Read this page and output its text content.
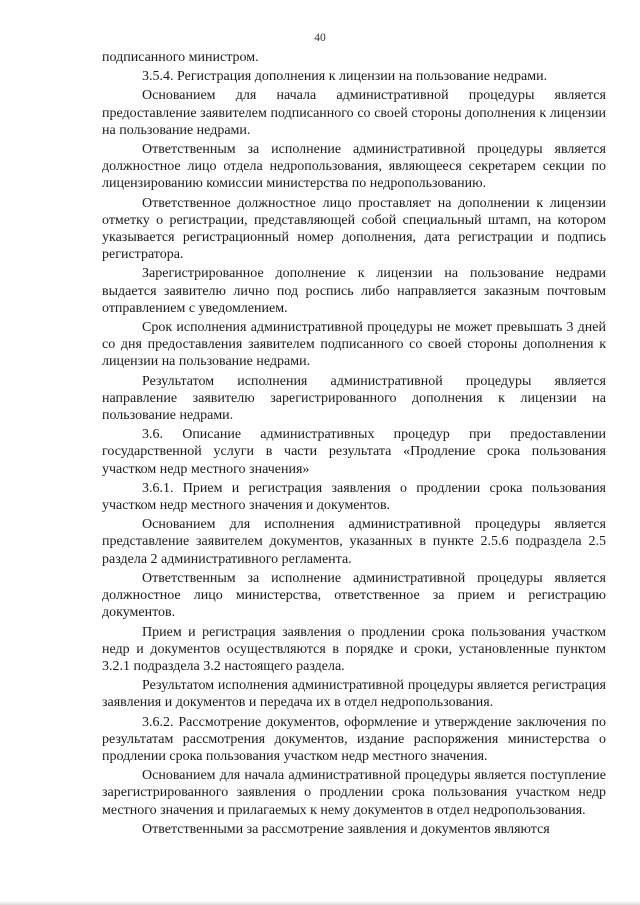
40

подписанного министром.

3.5.4. Регистрация дополнения к лицензии на пользование недрами.

Основанием для начала административной процедуры является предоставление заявителем подписанного со своей стороны дополнения к лицензии на пользование недрами.

Ответственным за исполнение административной процедуры является должностное лицо отдела недропользования, являющееся секретарем секции по лицензированию комиссии министерства по недропользованию.

Ответственное должностное лицо проставляет на дополнении к лицензии отметку о регистрации, представляющей собой специальный штамп, на котором указывается регистрационный номер дополнения, дата регистрации и подпись регистратора.

Зарегистрированное дополнение к лицензии на пользование недрами выдается заявителю лично под роспись либо направляется заказным почтовым отправлением с уведомлением.

Срок исполнения административной процедуры не может превышать 3 дней со дня предоставления заявителем подписанного со своей стороны дополнения к лицензии на пользование недрами.

Результатом исполнения административной процедуры является направление заявителю зарегистрированного дополнения к лицензии на пользование недрами.

3.6. Описание административных процедур при предоставлении государственной услуги в части результата «Продление срока пользования участком недр местного значения»

3.6.1. Прием и регистрация заявления о продлении срока пользования участком недр местного значения и документов.

Основанием для исполнения административной процедуры является представление заявителем документов, указанных в пункте 2.5.6 подраздела 2.5 раздела 2 административного регламента.

Ответственным за исполнение административной процедуры является должностное лицо министерства, ответственное за прием и регистрацию документов.

Прием и регистрация заявления о продлении срока пользования участком недр и документов осуществляются в порядке и сроки, установленные пунктом 3.2.1 подраздела 3.2 настоящего раздела.

Результатом исполнения административной процедуры является регистрация заявления и документов и передача их в отдел недропользования.

3.6.2. Рассмотрение документов, оформление и утверждение заключения по результатам рассмотрения документов, издание распоряжения министерства о продлении срока пользования участком недр местного значения.

Основанием для начала административной процедуры является поступление зарегистрированного заявления о продлении срока пользования участком недр местного значения и прилагаемых к нему документов в отдел недропользования.

Ответственными за рассмотрение заявления и документов являются
